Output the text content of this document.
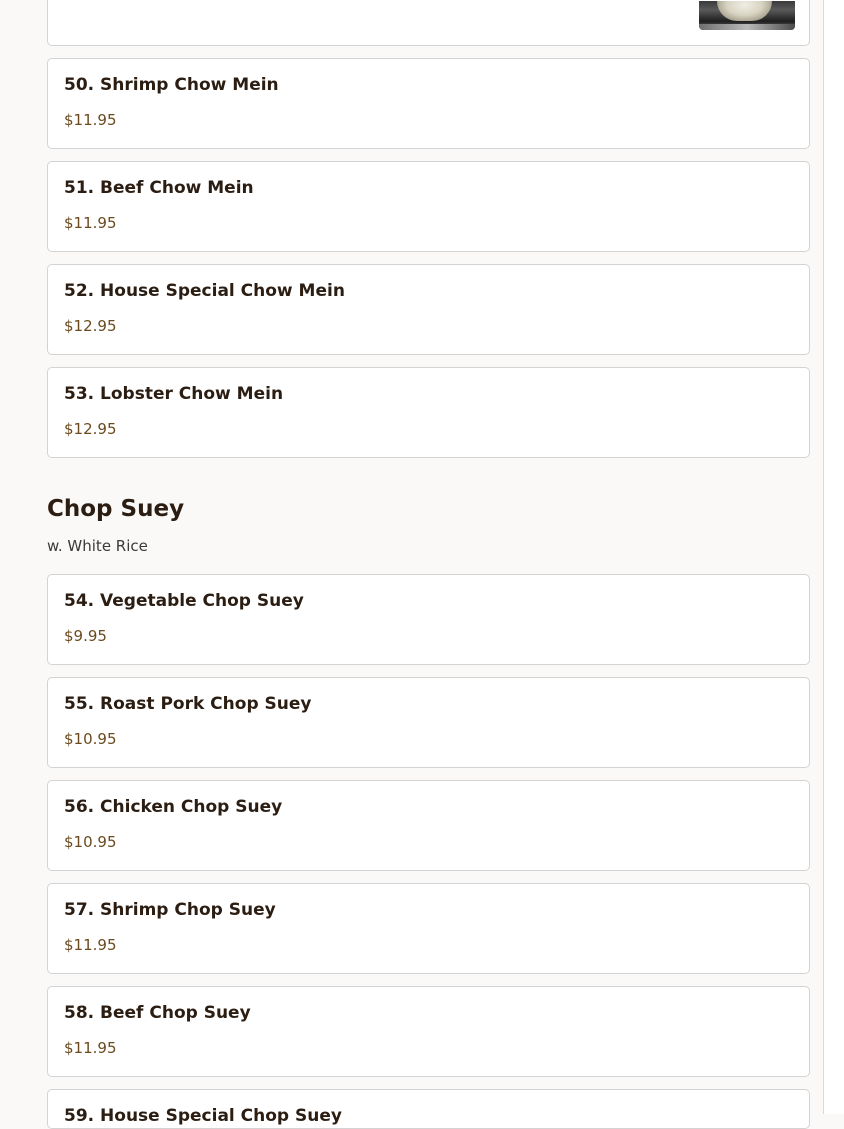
50. Shrimp Chow Mein
$11.95
51. Beef Chow Mein
$11.95
52. House Special Chow Mein
$12.95
53. Lobster Chow Mein
$12.95
Chop Suey
w. White Rice
54. Vegetable Chop Suey
$9.95
55. Roast Pork Chop Suey
$10.95
56. Chicken Chop Suey
$10.95
57. Shrimp Chop Suey
$11.95
58. Beef Chop Suey
$11.95
59. House Special Chop Suey
